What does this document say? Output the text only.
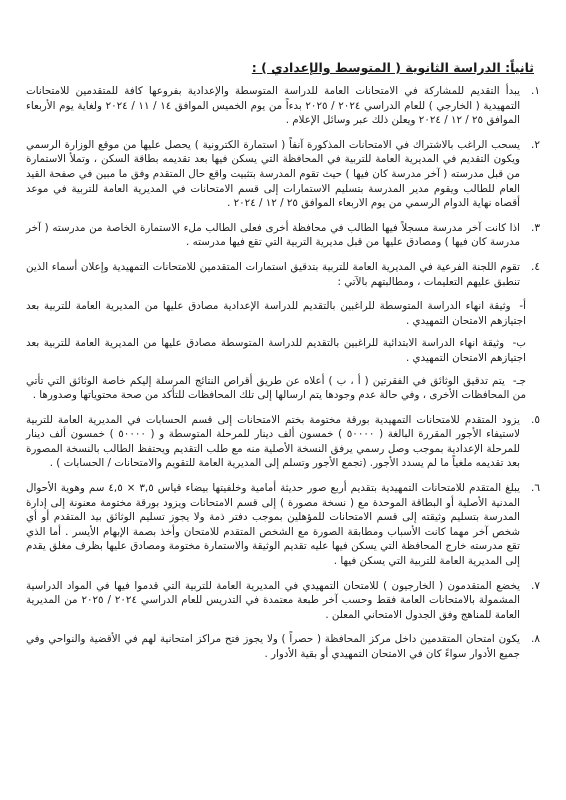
ثانياً: الدراسة الثانوية ( المتوسط والإعدادي ) :
.١
يبدأ التقديم للمشاركة في الامتحانات العامة للدراسة المتوسطة والإعدادية بفروعها كافة للمتقدمين للامتحانات التمهيدية ( الخارجي ) للعام الدراسي ٢٠٢٤ / ٢٠٢٥ بدءاً من يوم الخميس الموافق ١٤ / ١١ / ٢٠٢٤ ولغاية يوم الأربعاء الموافق ٢٥ / ١٢ / ٢٠٢٤ ويعلن ذلك عبر وسائل الإعلام .
.٢
يسحب الراغب بالاشتراك في الامتحانات المذكورة آنفاً ( استمارة الكترونية ) يحصل عليها من موقع الوزارة الرسمي ويكون التقديم في المديرية العامة للتربية في المحافظة التي يسكن فيها بعد تقديمه بطاقة السكن ، وتملأ الاستمارة من قبل مدرسته ( آخر مدرسة كان فيها ) حيث تقوم المدرسة بتثبيت واقع حال المتقدم وفق ما مبين في صفحة القيد العام للطالب ويقوم مدير المدرسة بتسليم الاستمارات إلى قسم الامتحانات في المديرية العامة للتربية في موعد أقصاه نهاية الدوام الرسمي من يوم الاربعاء الموافق ٢٥ / ١٢ / ٢٠٢٤ .
.٣
اذا كانت آخر مدرسة مسجلاً فيها الطالب في محافظة أخرى فعلى الطالب ملء الاستمارة الخاصة من مدرسته ( آخر مدرسة كان فيها ) ومصادق عليها من قبل مديرية التربية التي تقع فيها مدرسته .
.٤
تقوم اللجنة الفرعية في المديرية العامة للتربية بتدقيق استمارات المتقدمين للامتحانات التمهيدية وإعلان أسماء الذين تنطبق عليهم التعليمات ، ومطالبتهم بالآتي :
أ- وثيقة انهاء الدراسة المتوسطة للراغبين بالتقديم للدراسة الإعدادية مصادق عليها من المديرية العامة للتربية بعد اجتيازهم الامتحان التمهيدي .
ب- وثيقة انهاء الدراسة الابتدائية للراغبين بالتقديم للدراسة المتوسطة مصادق عليها من المديرية العامة للتربية بعد اجتيازهم الامتحان التمهيدي .
جـ- يتم تدقيق الوثائق في الفقرتين ( أ ، ب ) أعلاه عن طريق أقراص النتائج المرسلة إليكم خاصة الوثائق التي تأتي من المحافظات الأخرى ، وفي حالة عدم وجودها يتم ارسالها إلى تلك المحافظات للتأكد من صحة محتوياتها وصدورها .
.٥
يزود المتقدم للامتحانات التمهيدية بورقة مختومة بختم الامتحانات إلى قسم الحسابات في المديرية العامة للتربية لاستيفاء الأجور المقررة البالغة ( ٥٠٠٠٠ ) خمسون ألف دينار للمرحلة المتوسطة و ( ٥٠٠٠٠ ) خمسون ألف دينار للمرحلة الإعدادية بموجب وصل رسمي يرفق النسخة الأصلية منه مع طلب التقديم ويحتفظ الطالب بالنسخة المصورة بعد تقديمه ملغياً ما لم يسدد الأجور. (تجمع الأجور وتسلم إلى المديرية العامة للتقويم والامتحانات / الحسابات ) .
.٦
يبلغ المتقدم للامتحانات التمهيدية بتقديم أربع صور حديثة أمامية وخلفيتها بيضاء قياس ٣,٥ × ٤,٥ سم وهوية الأحوال المدنية الأصلية أو البطاقة الموحدة مع ( نسخة مصورة ) إلى قسم الامتحانات ويزود بورقة مختومة معنونة إلى إدارة المدرسة بتسليم وثيقته إلى قسم الامتحانات للمؤهلين بموجب دفتر ذمة ولا يجوز تسليم الوثائق بيد المتقدم أو أي شخص آخر مهما كانت الأسباب ومطابقة الصورة مع الشخص المتقدم للامتحان وأخذ بصمة الإبهام الأيسر . أما الذي تقع مدرسته خارج المحافظة التي يسكن فيها عليه تقديم الوثيقة والاستمارة مختومة ومصادق عليها بظرف مغلق يقدم إلى المديرية العامة للتربية التي يسكن فيها .
.٧
يخضع المتقدمون ( الخارجيون ) للامتحان التمهيدي في المديرية العامة للتربية التي قدموا فيها في المواد الدراسية المشمولة بالامتحانات العامة فقط وحسب آخر طبعة معتمدة في التدريس للعام الدراسي ٢٠٢٤ / ٢٠٢٥ من المديرية العامة للمناهج وفق الجدول الامتحاني المعلن .
.٨
يكون امتحان المتقدمين داخل مركز المحافظة ( حصراً ) ولا يجوز فتح مراكز امتحانية لهم في الأقضية والنواحي وفي جميع الأدوار سواءً كان في الامتحان التمهيدي أو بقية الأدوار .
